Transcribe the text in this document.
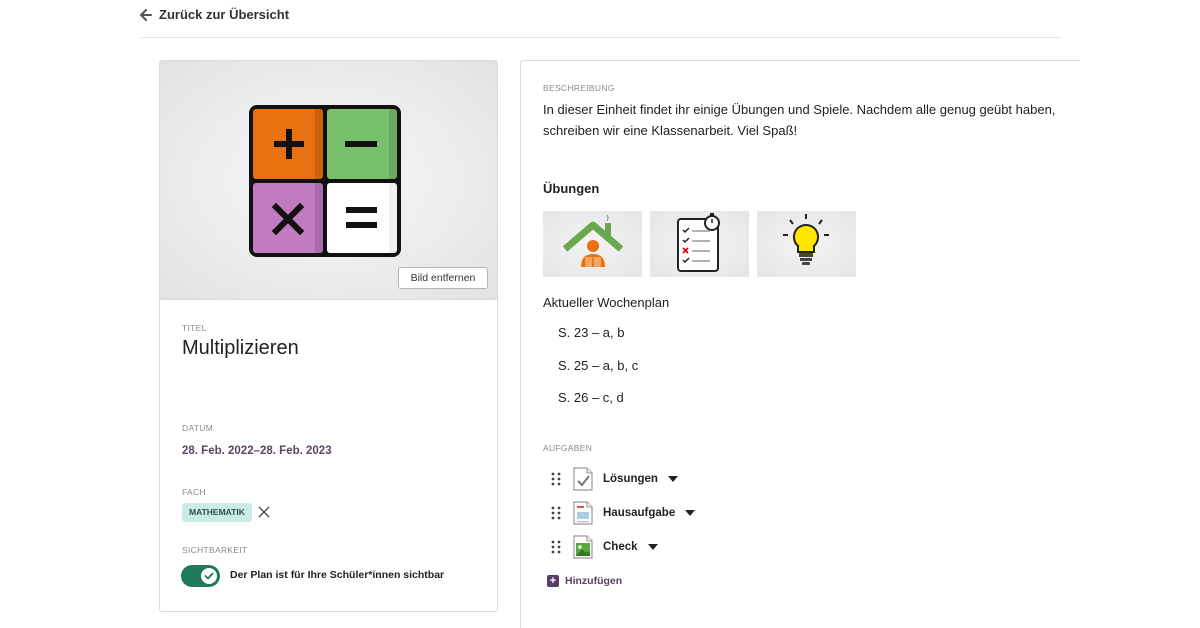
Zurück zur Übersicht
Bild entfernen
TITEL
Multiplizieren
DATUM
28. Feb. 2022–28. Feb. 2023
FACH
MATHEMATIK
SICHTBARKEIT
Der Plan ist für Ihre Schüler*innen sichtbar
BESCHREIBUNG
In dieser Einheit findet ihr einige Übungen und Spiele. Nachdem alle genug geübt haben, schreiben wir eine Klassenarbeit. Viel Spaß!
Übungen
Aktueller Wochenplan
S. 23 – a, b
S. 25 – a, b, c
S. 26 – c, d
AUFGABEN
Lösungen
Hausaufgabe
Check
+ Hinzufügen
